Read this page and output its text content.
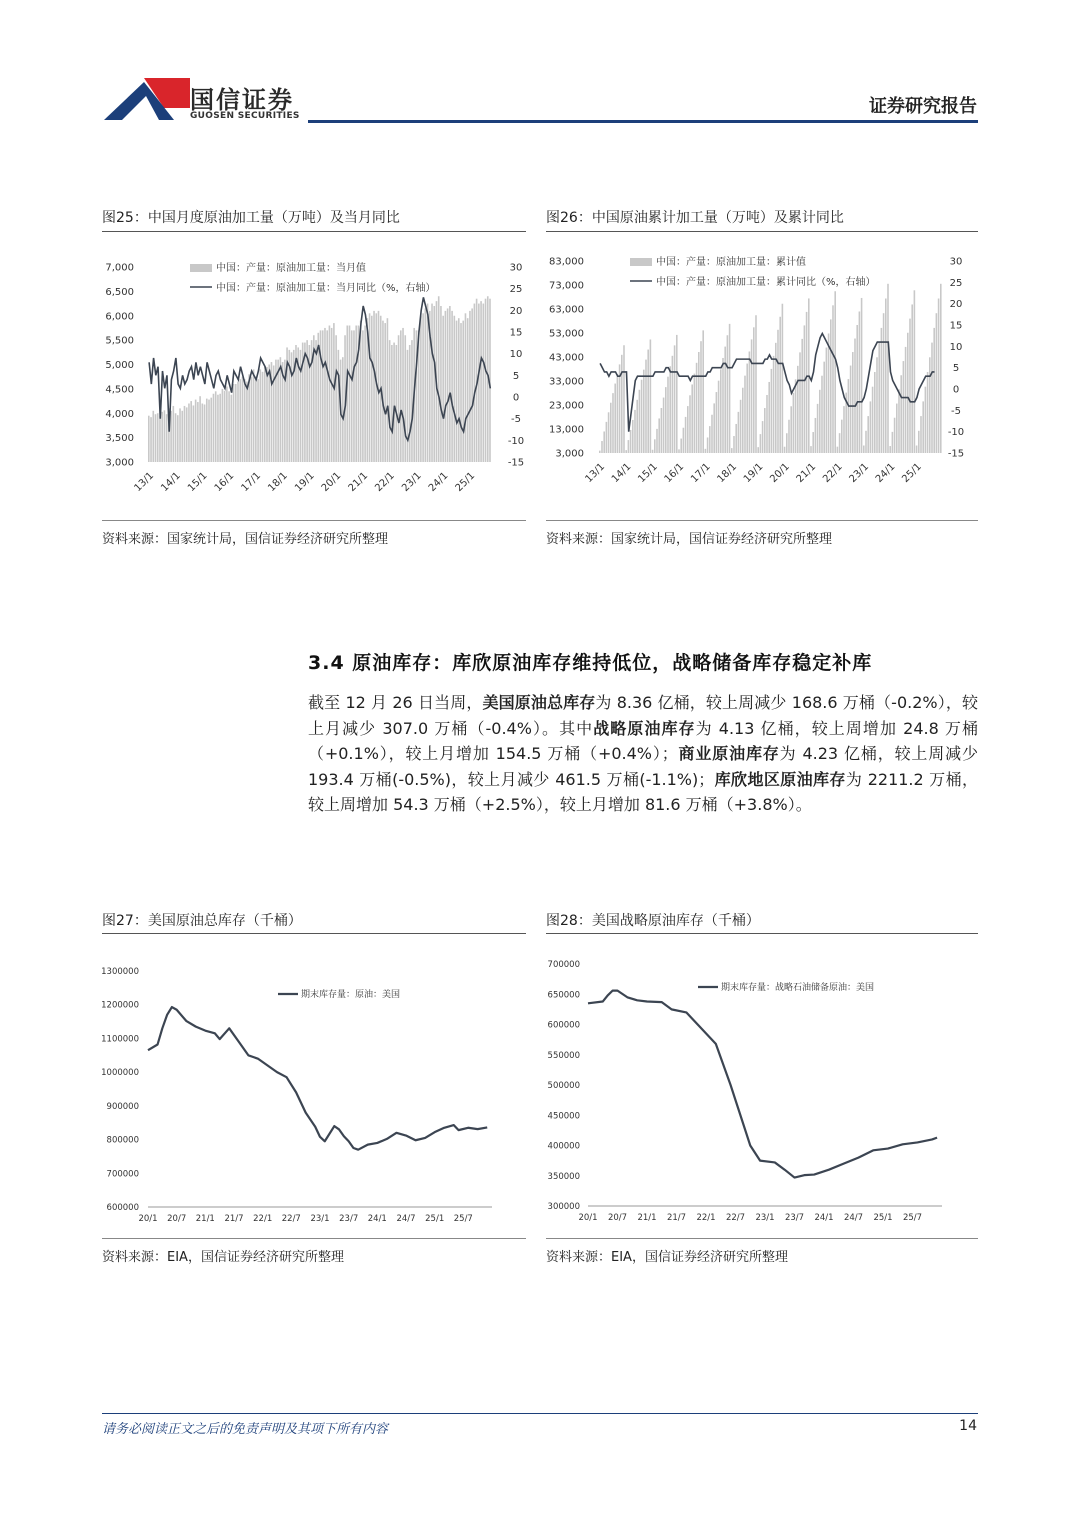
国信证券
GUOSEN SECURITIES	证券研究报告
图25：中国月度原油加工量（万吨）及当月同比
7,000
6,500
6,000
5,500
5,000
4,500
4,000
3,500
3,000
30
25
20
15
10
5
0
-5
-10
-15
13/1 14/1 15/1 16/1 17/1 18/1 19/1 20/1 21/1 22/1 23/1 24/1 25/1
中国：产量：原油加工量：当月值
中国：产量：原油加工量：当月同比（%，右轴）
资料来源：国家统计局，国信证券经济研究所整理
图26：中国原油累计加工量（万吨）及累计同比
83,000
73,000
63,000
53,000
43,000
33,000
23,000
13,000
3,000
30
25
20
15
10
5
0
-5
-10
-15
13/1 14/1 15/1 16/1 17/1 18/1 19/1 20/1 21/1 22/1 23/1 24/1 25/1
中国：产量：原油加工量：累计值
中国：产量：原油加工量：累计同比（%，右轴）
资料来源：国家统计局，国信证券经济研究所整理
3.4 原油库存：库欣原油库存维持低位，战略储备库存稳定补库
截至 12 月 26 日当周，美国原油总库存为 8.36 亿桶，较上周减少 168.6 万桶（-0.2%），较上月减少 307.0 万桶（-0.4%）。其中战略原油库存为 4.13 亿桶，较上周增加 24.8 万桶（+0.1%），较上月增加 154.5 万桶（+0.4%）；商业原油库存为 4.23 亿桶，较上周减少 193.4 万桶(-0.5%)，较上月减少 461.5 万桶(-1.1%)；库欣地区原油库存为 2211.2 万桶，较上周增加 54.3 万桶（+2.5%），较上月增加 81.6 万桶（+3.8%）。
图27：美国原油总库存（千桶）
1300000
1200000
1100000
1000000
900000
800000
700000
600000
20/1 20/7 21/1 21/7 22/1 22/7 23/1 23/7 24/1 24/7 25/1 25/7
期末库存量：原油：美国
资料来源：EIA，国信证券经济研究所整理
图28：美国战略原油库存（千桶）
700000
650000
600000
550000
500000
450000
400000
350000
300000
20/1 20/7 21/1 21/7 22/1 22/7 23/1 23/7 24/1 24/7 25/1 25/7
期末库存量：战略石油储备原油：美国
资料来源：EIA，国信证券经济研究所整理
请务必阅读正文之后的免责声明及其项下所有内容	14
